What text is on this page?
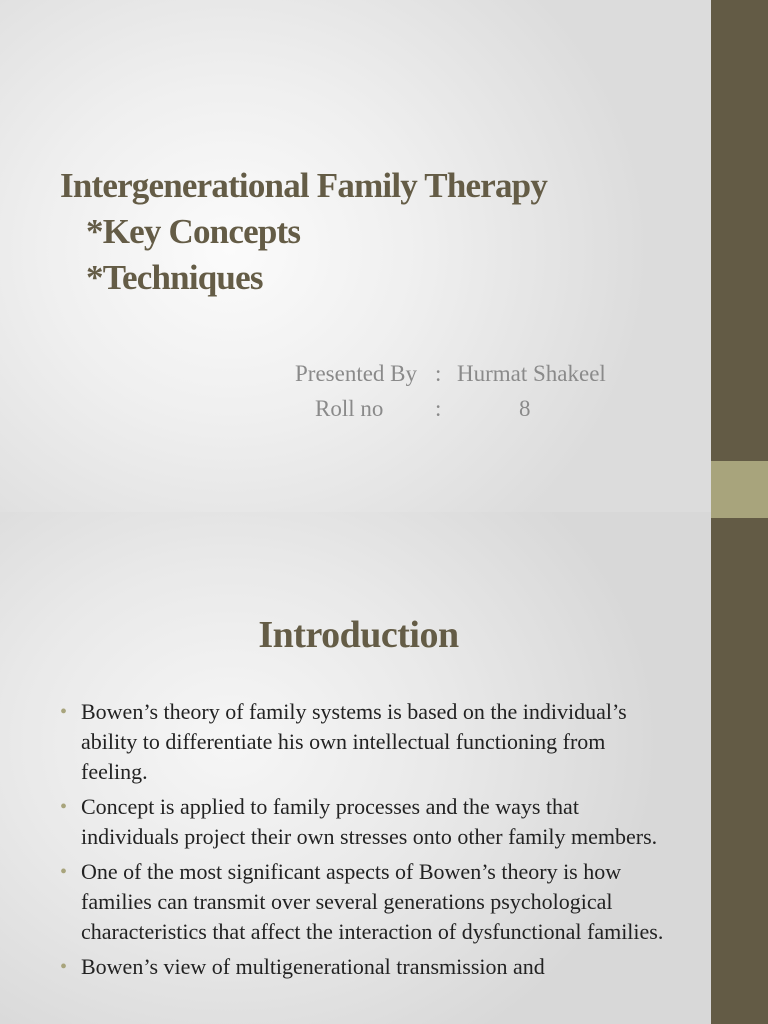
Intergenerational Family Therapy
*Key Concepts
*Techniques
Presented By : Hurmat Shakeel
Roll no :	8
Introduction
• Bowen’s theory of family systems is based on the individual’s ability to differentiate his own intellectual functioning from feeling.
• Concept is applied to family processes and the ways that individuals project their own stresses onto other family members.
• One of the most significant aspects of Bowen’s theory is how families can transmit over several generations psychological characteristics that affect the interaction of dysfunctional families.
• Bowen’s view of multigenerational transmission and
